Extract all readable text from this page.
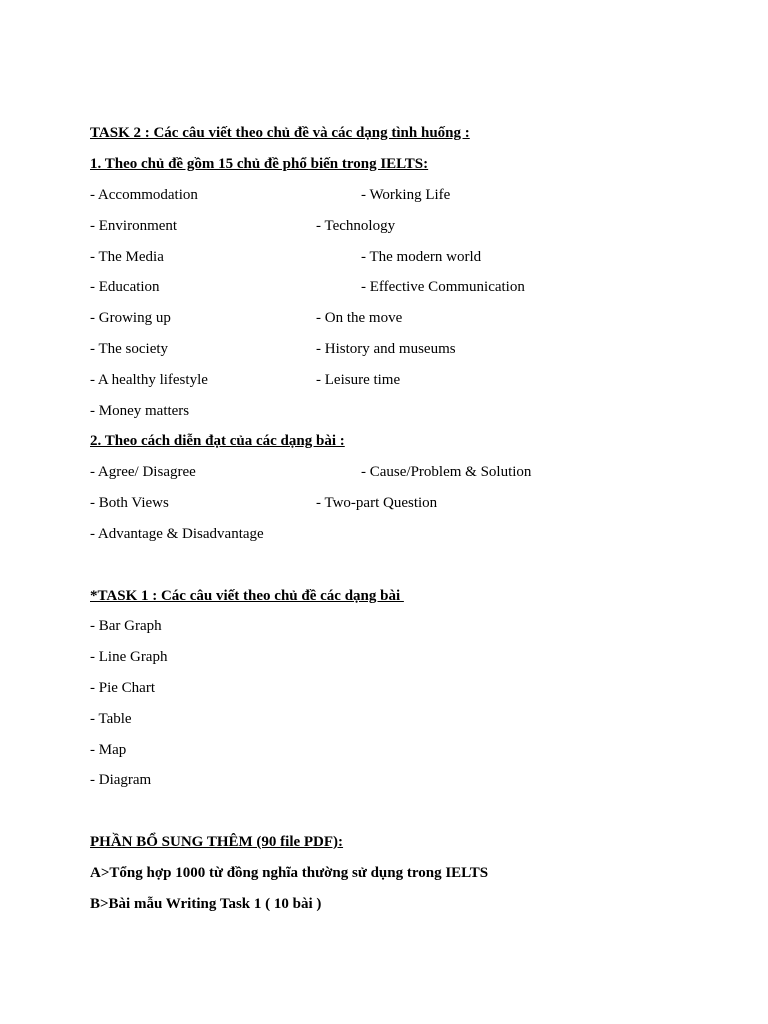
TASK 2 : Các câu viết theo chủ đề và các dạng tình huống :
1. Theo chủ đề gồm 15 chủ đề phổ biến trong IELTS:
- Accommodation	- Working Life
- Environment	- Technology
- The Media	- The modern world
- Education	- Effective Communication
- Growing up	- On the move
- The society	- History and museums
- A healthy lifestyle	- Leisure time
- Money matters
2. Theo cách diễn đạt của các dạng bài :
- Agree/ Disagree	- Cause/Problem & Solution
- Both Views	- Two-part Question
- Advantage & Disadvantage
*TASK 1 : Các câu viết theo chủ đề các dạng bài
- Bar Graph
- Line Graph
- Pie Chart
- Table
- Map
- Diagram
PHẦN BỔ SUNG THÊM (90 file PDF):
A>Tổng hợp 1000 từ đồng nghĩa thường sử dụng trong IELTS
B>Bài mẫu Writing Task 1 ( 10 bài )
